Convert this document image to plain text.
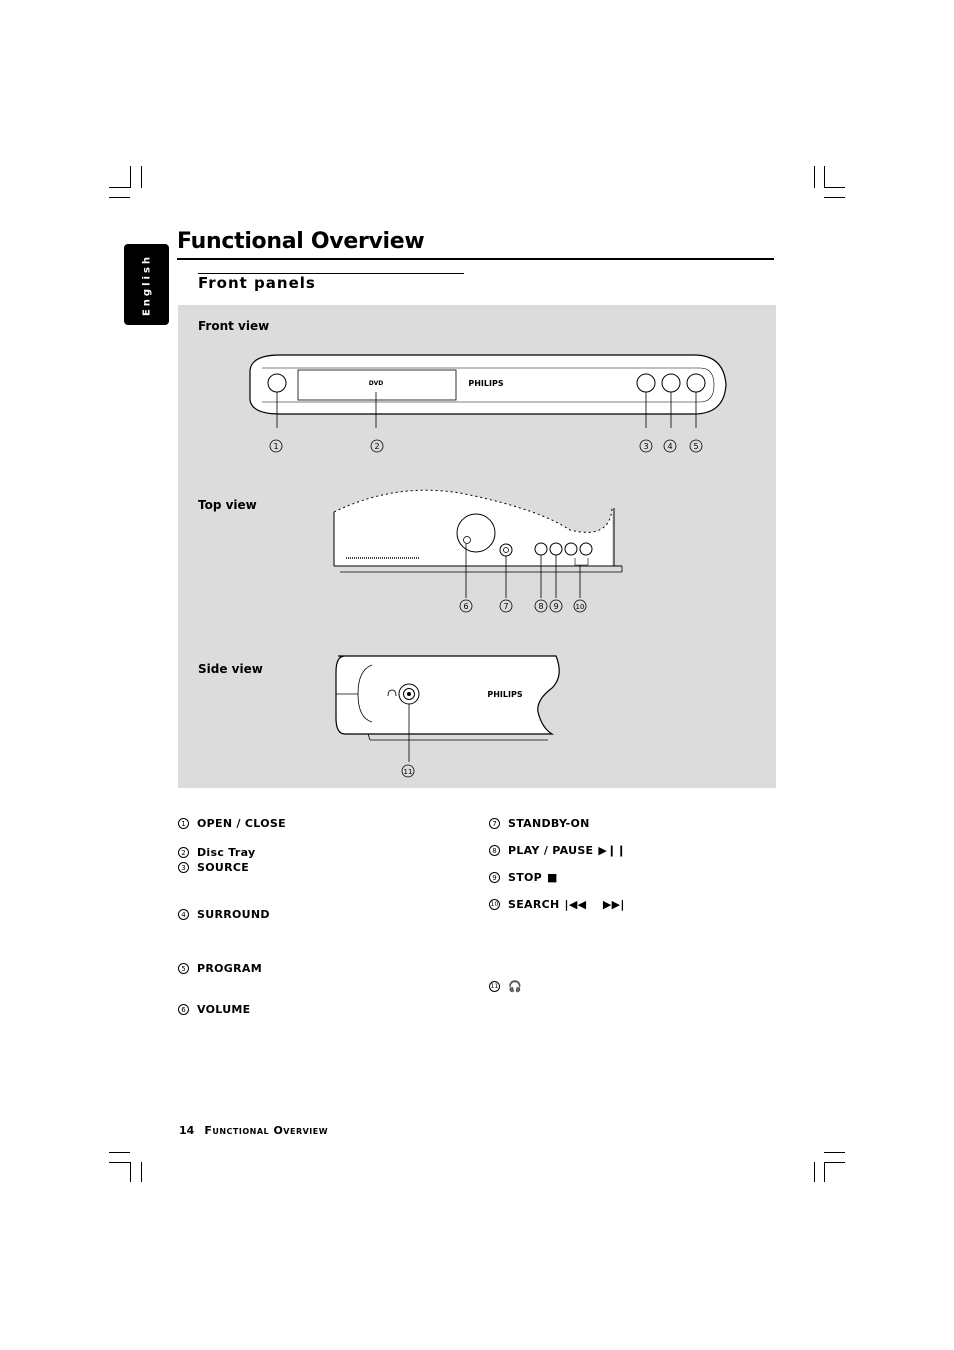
English
Functional Overview
Front panels
Front view
Top view
Side view
DVD	PHILIPS
1	2	3 4	5
6	7	8 9 10
PHILIPS
11
1 OPEN / CLOSE
2 Disc Tray
3 SOURCE
4 SURROUND
5 PROGRAM
6 VOLUME
7 STANDBY-ON
8 PLAY / PAUSE ▶❙❙
9 STOP ■
10 SEARCH |◀◀    ▶▶|
11 🎧
14 Functional Overview
